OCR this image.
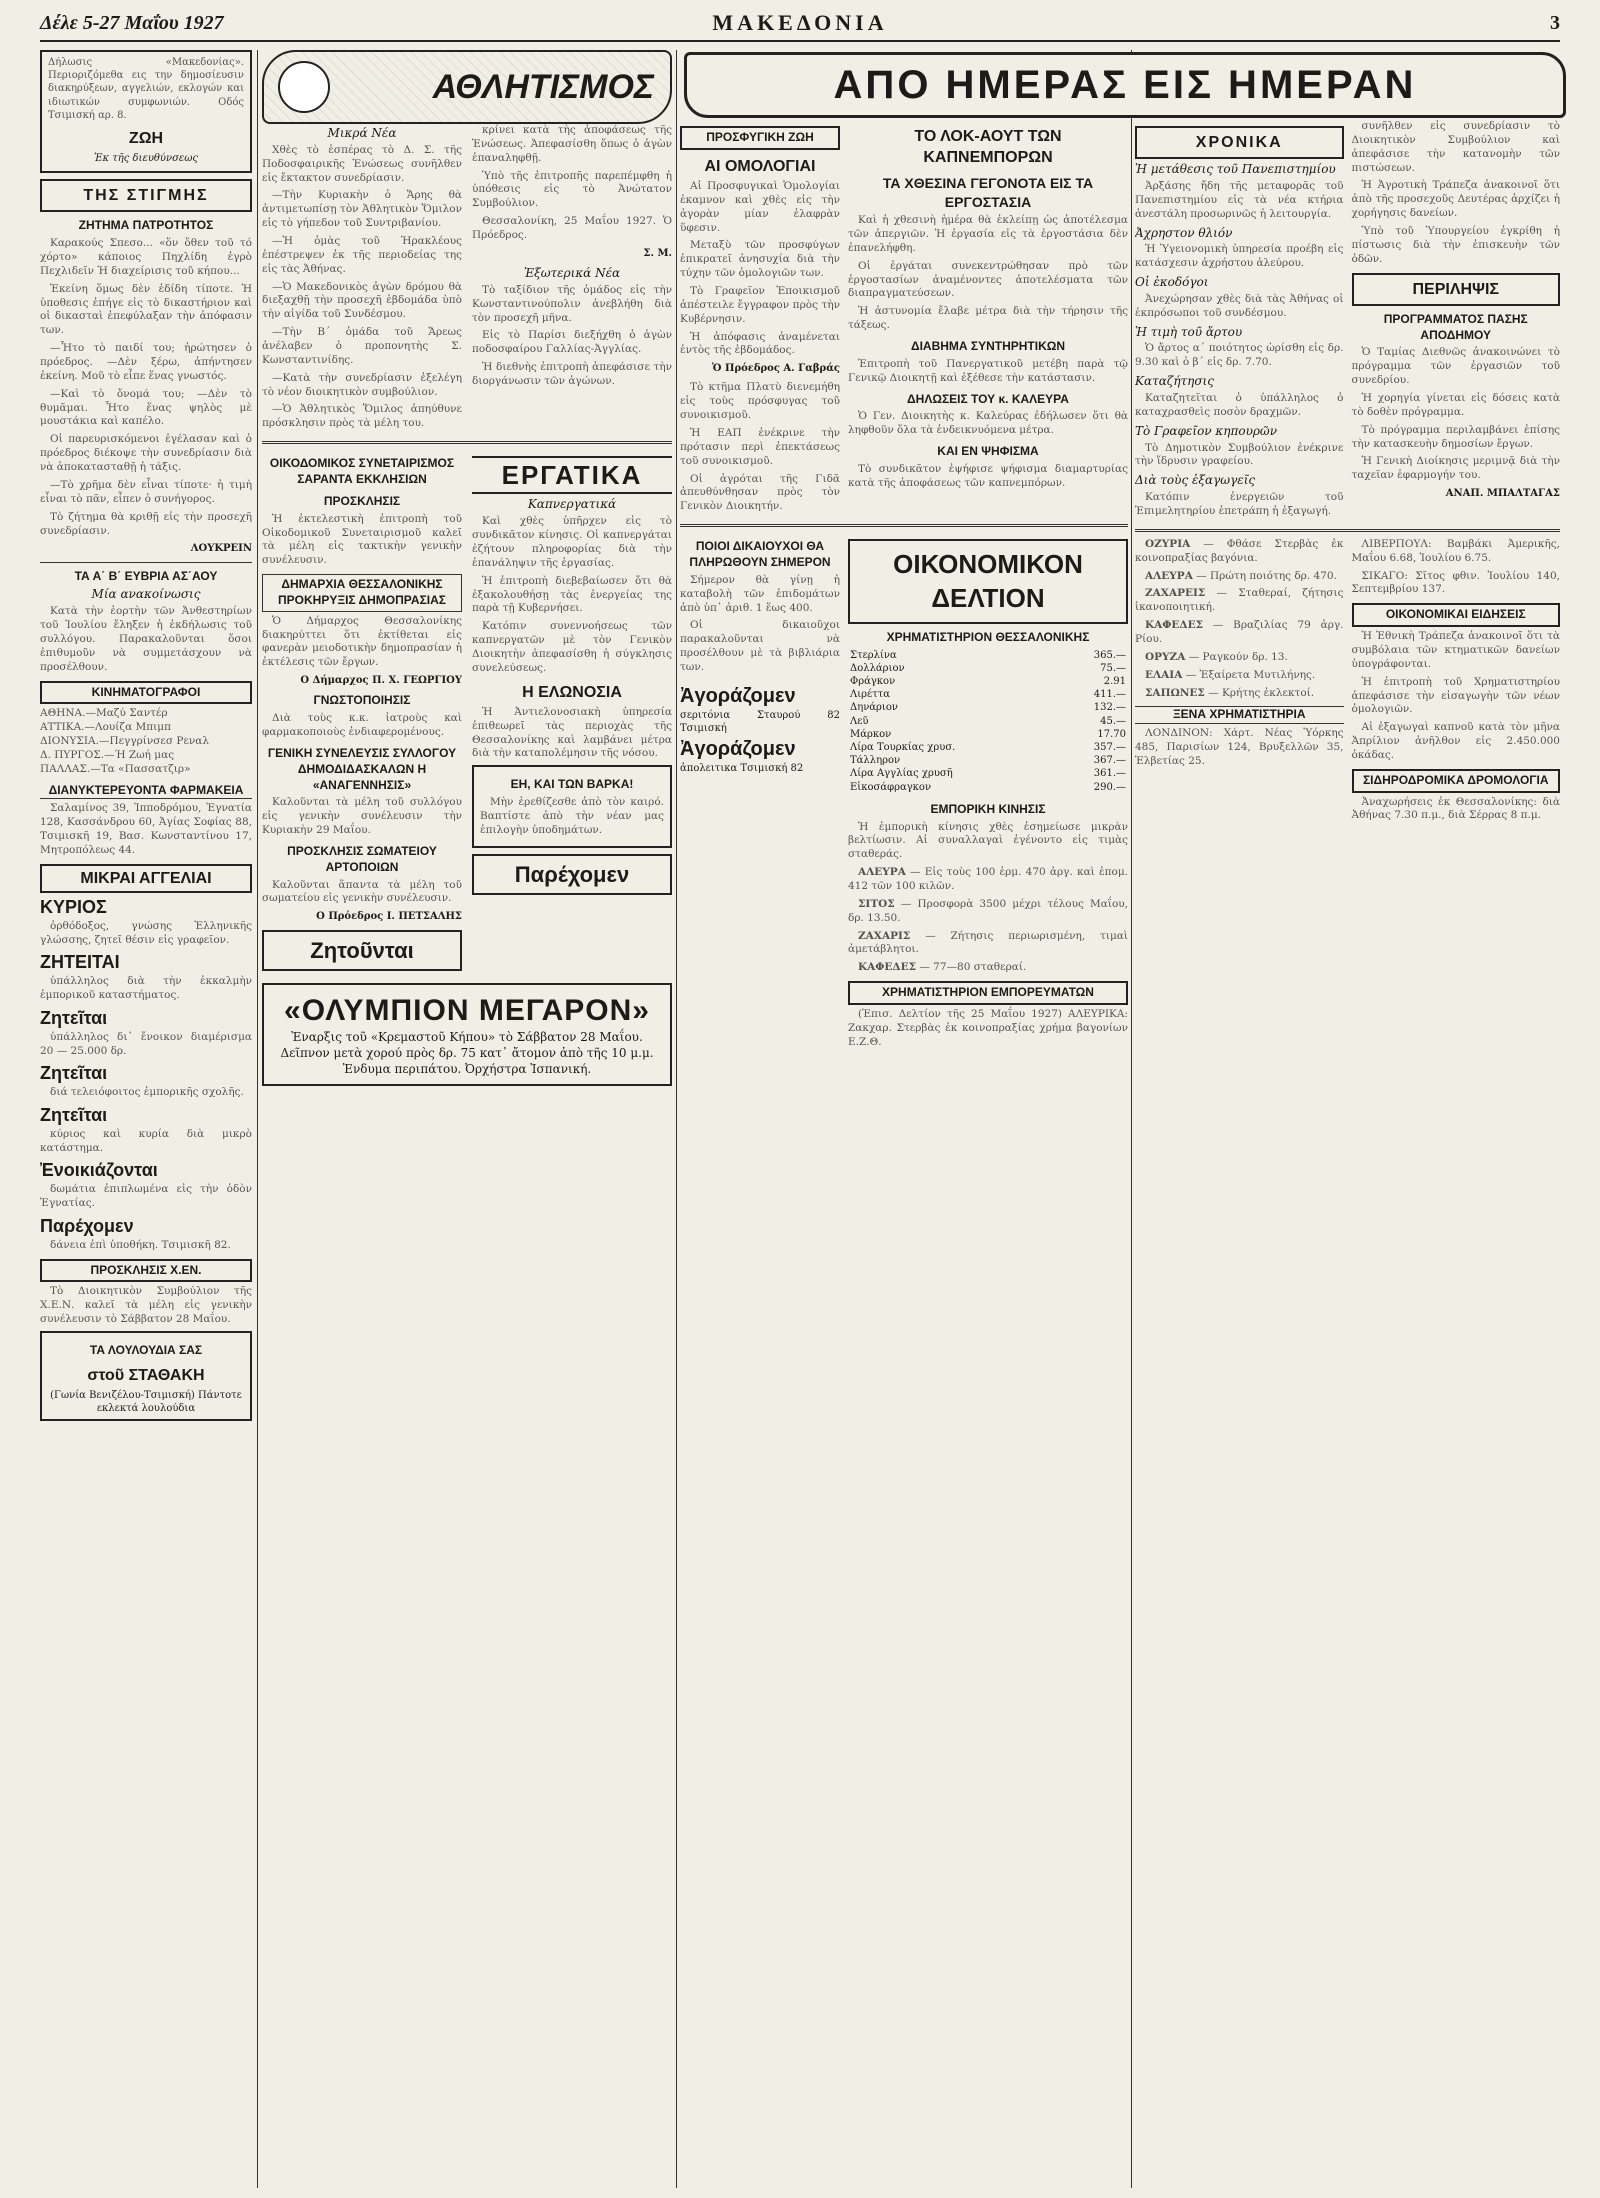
Δέλε 5-27 Μαΐου 1927	ΜΑΚΕΔΟΝΙΑ	3
ΑΠΟ ΗΜΕΡΑΣ ΕΙΣ ΗΜΕΡΑΝ
Δήλωσις «Μακεδονίας». Περιοριζόμεθα εις την δημοσίευσιν διακηρύξεων, αγγελιών, εκλογών και ιδιωτικών συμφωνιών. Οδός Τσιμισκή αρ. 8.
ΖΩΗ
Ἐκ τῆς διευθύνσεως
ΤΗΣ ΣΤΙΓΜΗΣ
ΖΗΤΗΜΑ ΠΑΤΡΟΤΗΤΟΣ

Καρακούς Σπεσο... «ὅν ὅθεν τοῦ τό χόρτο» κάποιος Πηχλίδη ἐγρὸ Πεχλιδεῖν Ἠ διαχείρισις τοῦ κήπου...

Ἐκείνη ὅμως δὲν ἐδίδη τίποτε. Ἡ ὑποθεσις ἐπήγε εἰς τὸ δικαστήριον καὶ οἱ δικασταὶ ἐπεφύλαξαν τὴν ἀπόφασιν των.

—Ἦτο τὸ παιδί του; ἠρώτησεν ὁ πρόεδρος. —Δὲν ξέρω, ἀπήντησεν ἐκείνη. Μοῦ τὸ εἶπε ἕνας γνωστός.

—Καὶ τὸ ὄνομά του; —Δὲν τὸ θυμᾶμαι. Ἦτο ἕνας ψηλὸς μὲ μουστάκια καὶ καπέλο.

Οἱ παρευρισκόμενοι ἐγέλασαν καὶ ὁ πρόεδρος διέκοψε τὴν συνεδρίασιν διὰ νὰ ἀποκατασταθῇ ἡ τάξις.

—Τὸ χρῆμα δὲν εἶναι τίποτε· ἡ τιμὴ εἶναι τὸ πᾶν, εἶπεν ὁ συνήγορος.

Τὸ ζήτημα θὰ κριθῇ εἰς τὴν προσεχῆ συνεδρίασιν.

ΛΟΥΚΡΕΙΝ
ΤΑ Α΄ Β΄ ΕΥΒΡΙΑ ΑΣ΄ΑΟΥ
Μία ανακοίνωσις

Κατὰ τὴν ἑορτὴν τῶν Ἀνθεστηρίων τοῦ Ἰουλίου ἔληξεν ἡ ἐκδήλωσις τοῦ συλλόγου. Παρακαλοῦνται ὅσοι ἐπιθυμοῦν νὰ συμμετάσχουν νὰ προσέλθουν.

ΚΙΝΗΜΑΤΟΓΡΑΦΟΙ
ΑΘΗΝΑ.—Μαζύ Σαντέρ
ΑΤΤΙΚΑ.—Λουίζα Μπιμπ
ΔΙΟΝΥΣΙΑ.—Πεγγρίνσεσ Ρεναλ
Δ. ΠΥΡΓΟΣ.—Ή Ζωή μας
ΠΑΛΛΑΣ.—Τα «Πασσατζιρ»
ΔΙΑΝΥΚΤΕΡΕΥΟΝΤΑ ΦΑΡΜΑΚΕΙΑ

Σαλαμίνος 39, Ἰπποδρόμου, Ἐγνατία 128, Κασσάνδρου 60, Ἀγίας Σοφίας 88, Τσιμισκῆ 19, Βασ. Κωνσταντίνου 17, Μητροπόλεως 44.

ΜΙΚΡΑΙ ΑΓΓΕΛΙΑΙ
ΚΥΡΙΟΣ

ὀρθόδοξος, γνώσης Ἑλληνικῆς γλώσσης, ζητεῖ θέσιν εἰς γραφεῖον.

ΖΗΤΕΙΤΑΙ

ὑπάλληλος διὰ τὴν ἐκκαλμὴν ἐμπορικοῦ καταστήματος.

Ζητεῖται

ὑπάλληλος δι᾽ ἔνοικον διαμέρισμα 20 — 25.000 δρ.

Ζητεῖται

διά τελειόφοιτος ἐμπορικῆς σχολῆς.

Ζητεῖται

κύριος καὶ κυρία διὰ μικρὸ κατάστημα.

Ἐνοικιάζονται

δωμάτια ἐπιπλωμένα εἰς τὴν ὁδὸν Ἐγνατίας.

Παρέχομεν

δάνεια ἐπὶ ὑποθήκη. Τσιμισκῆ 82.

ΠΡΟΣΚΛΗΣΙΣ Χ.ΕΝ.

Τὸ Διοικητικὸν Συμβούλιον τῆς Χ.Ε.Ν. καλεῖ τὰ μέλη εἰς γενικὴν συνέλευσιν τὸ Σάββατον 28 Μαΐου.

ΤΑ ΛΟΥΛΟΥΔΙΑ ΣΑΣ
στοῦ ΣΤΑΘΑΚΗ
(Γωνία Βενιζέλου-Τσιμισκή) Πάντοτε εκλεκτά λουλούδια
ΑΘΛΗΤΙΣΜΟΣ
Μικρά Νέα

Χθὲς τὸ ἑσπέρας τὸ Δ. Σ. τῆς Ποδοσφαιρικῆς Ἑνώσεως συνῆλθεν εἰς ἔκτακτον συνεδρίασιν.

—Τὴν Κυριακὴν ὁ Ἄρης θὰ ἀντιμετωπίσῃ τὸν Ἀθλητικὸν Ὅμιλον εἰς τὸ γήπεδον τοῦ Συντριβανίου.

—Ἡ ὁμὰς τοῦ Ἡρακλέους ἐπέστρεψεν ἐκ τῆς περιοδείας της εἰς τὰς Ἀθήνας.

—Ὁ Μακεδονικὸς ἀγὼν δρόμου θὰ διεξαχθῇ τὴν προσεχῆ ἑβδομάδα ὑπὸ τὴν αἰγίδα τοῦ Συνδέσμου.

—Τὴν Β΄ ὁμάδα τοῦ Ἄρεως ἀνέλαβεν ὁ προπονητὴς Σ. Κωνσταντινίδης.

—Κατὰ τὴν συνεδρίασιν ἐξελέγη τὸ νέον διοικητικὸν συμβούλιον.

—Ὁ Ἀθλητικὸς Ὅμιλος ἀπηύθυνε πρόσκλησιν πρὸς τὰ μέλη του.

κρίνει κατὰ τὴς ἀποφάσεως τῆς Ἑνώσεως. Ἀπεφασίσθη ὅπως ὁ ἀγὼν ἐπαναληφθῇ.

Ὑπὸ τῆς ἐπιτροπῆς παρεπέμφθη ἡ ὑπόθεσις εἰς τὸ Ἀνώτατον Συμβούλιον.

Θεσσαλονίκη, 25 Μαΐου 1927. Ὁ Πρόεδρος.

Σ. Μ.
Ἐξωτερικά Νέα

Τὸ ταξίδιον τῆς ὁμάδος εἰς τὴν Κωνσταντινούπολιν ἀνεβλήθη διὰ τὸν προσεχῆ μῆνα.

Εἰς τὸ Παρίσι διεξήχθη ὁ ἀγὼν ποδοσφαίρου Γαλλίας-Ἀγγλίας.

Ἡ διεθνὴς ἐπιτροπὴ ἀπεφάσισε τὴν διοργάνωσιν τῶν ἀγώνων.

ΟΙΚΟΔΟΜΙΚΟΣ ΣΥΝΕΤΑΙΡΙΣΜΟΣ ΣΑΡΑΝΤΑ ΕΚΚΛΗΣΙΩΝ
ΠΡΟΣΚΛΗΣΙΣ

Ἡ ἐκτελεστικὴ ἐπιτροπὴ τοῦ Οἰκοδομικοῦ Συνεταιρισμοῦ καλεῖ τὰ μέλη εἰς τακτικὴν γενικὴν συνέλευσιν.

ΔΗΜΑΡΧΙΑ ΘΕΣΣΑΛΟΝΙΚΗΣ ΠΡΟΚΗΡΥΞΙΣ ΔΗΜΟΠΡΑΣΙΑΣ

Ὁ Δήμαρχος Θεσσαλονίκης διακηρύττει ὅτι ἐκτίθεται εἰς φανερὰν μειοδοτικὴν δημοπρασίαν ἡ ἐκτέλεσις τῶν ἔργων.

Ο Δήμαρχος Π. Χ. ΓΕΩΡΓΙΟΥ
ΓΝΩΣΤΟΠΟΙΗΣΙΣ

Διὰ τοὺς κ.κ. ἰατροὺς καὶ φαρμακοποιοὺς ἐνδιαφερομένους.

ΓΕΝΙΚΗ ΣΥΝΕΛΕΥΣΙΣ ΣΥΛΛΟΓΟΥ ΔΗΜΟΔΙΔΑΣΚΑΛΩΝ Η «ΑΝΑΓΕΝΝΗΣΙΣ»

Καλοῦνται τὰ μέλη τοῦ συλλόγου εἰς γενικὴν συνέλευσιν τὴν Κυριακὴν 29 Μαΐου.

ΠΡΟΣΚΛΗΣΙΣ ΣΩΜΑΤΕΙΟΥ ΑΡΤΟΠΟΙΩΝ

Καλοῦνται ἅπαντα τὰ μέλη τοῦ σωματείου εἰς γενικὴν συνέλευσιν.

Ο Πρόεδρος Ι. ΠΕΤΣΑΛΗΣ
Ζητοῦνται
ΕΡΓΑΤΙΚΑ
Καπνεργατικά

Καὶ χθὲς ὑπῆρχεν εἰς τὸ συνδικᾶτον κίνησις. Οἱ καπνεργάται ἐζήτουν πληροφορίας διὰ τὴν ἐπανάληψιν τῆς ἐργασίας.

Ἡ ἐπιτροπὴ διεβεβαίωσεν ὅτι θὰ ἐξακολουθήσῃ τὰς ἐνεργείας της παρὰ τῇ Κυβερνήσει.

Κατόπιν συνεννοήσεως τῶν καπνεργατῶν μὲ τὸν Γενικὸν Διοικητὴν ἀπεφασίσθη ἡ σύγκλησις συνελεύσεως.

Η ΕΛΩΝΟΣΙΑ

Ἡ Ἀντιελονοσιακὴ ὑπηρεσία ἐπιθεωρεῖ τὰς περιοχὰς τῆς Θεσσαλονίκης καὶ λαμβάνει μέτρα διὰ τὴν καταπολέμησιν τῆς νόσου.

ΕΗ, ΚΑΙ ΤΩΝ ΒΑΡΚΑ!

Μὴν ἐρεθίζεσθε ἀπὸ τὸν καιρό. Βαπτίστε ἀπὸ τὴν νέαν μας ἐπιλογὴν ὑποδημάτων.

Παρέχομεν
«ΟΛΥΜΠΙΟΝ ΜΕΓΑΡΟΝ»
Ἐναρξις τοῦ «Κρεμαστοῦ Κήπου» τὸ Σάββατον 28 Μαΐου. Δεῖπνον μετὰ χορού πρὸς δρ. 75 κατ᾽ ἄτομον ἀπὸ τῆς 10 μ.μ. Ἐνδυμα περιπάτου. Ὀρχήστρα Ἰσπανική.
ΠΡΟΣΦΥΓΙΚΗ ΖΩΗ
ΑΙ ΟΜΟΛΟΓΙΑΙ

Αἱ Προσφυγικαὶ Ὁμολογίαι ἐκαμνον καὶ χθὲς εἰς τὴν ἀγορὰν μίαν ἐλαφρὰν ὕφεσιν.

Μεταξὺ τῶν προσφύγων ἐπικρατεῖ ἀνησυχία διὰ τὴν τύχην τῶν ὁμολογιῶν των.

Τὸ Γραφεῖον Ἐποικισμοῦ ἀπέστειλε ἔγγραφον πρὸς τὴν Κυβέρνησιν.

Ἡ ἀπόφασις ἀναμένεται ἐντὸς τῆς ἑβδομάδος.

Ὁ Πρόεδρος Α. Γαβράς

Τὸ κτῆμα Πλατὺ διενεμήθη εἰς τοὺς πρόσφυγας τοῦ συνοικισμοῦ.

Ἡ ΕΑΠ ἐνέκρινε τὴν πρότασιν περὶ ἐπεκτάσεως τοῦ συνοικισμοῦ.

Οἱ ἀγρόται τῆς Γιδᾶ ἀπευθύνθησαν πρὸς τὸν Γενικὸν Διοικητήν.

ΤΟ ΛΟΚ-ΑΟΥΤ ΤΩΝ ΚΑΠΝΕΜΠΟΡΩΝ
ΤΑ ΧΘΕΣΙΝΑ ΓΕΓΟΝΟΤΑ ΕΙΣ ΤΑ ΕΡΓΟΣΤΑΣΙΑ

Καὶ ἡ χθεσινὴ ἡμέρα θὰ ἐκλείπῃ ὡς ἀποτέλεσμα τῶν ἀπεργιῶν. Ἡ ἐργασία εἰς τὰ ἐργοστάσια δὲν ἐπανελήφθη.

Οἱ ἐργάται συνεκεντρώθησαν πρὸ τῶν ἐργοστασίων ἀναμένοντες ἀποτελέσματα τῶν διαπραγματεύσεων.

Ἡ ἀστυνομία ἔλαβε μέτρα διὰ τὴν τήρησιν τῆς τάξεως.

ΔΙΑΒΗΜΑ ΣΥΝΤΗΡΗΤΙΚΩΝ

Ἐπιτροπὴ τοῦ Πανεργατικοῦ μετέβη παρὰ τῷ Γενικῷ Διοικητῇ καὶ ἐξέθεσε τὴν κατάστασιν.

ΔΗΛΩΣΕΙΣ ΤΟΥ κ. ΚΑΛΕΥΡΑ

Ὁ Γεν. Διοικητὴς κ. Καλεύρας ἐδήλωσεν ὅτι θὰ ληφθοῦν ὅλα τὰ ἐνδεικνυόμενα μέτρα.

ΚΑΙ ΕΝ ΨΗΦΙΣΜΑ

Τὸ συνδικᾶτον ἐψήφισε ψήφισμα διαμαρτυρίας κατὰ τῆς ἀποφάσεως τῶν καπνεμπόρων.

ΠΟΙΟΙ ΔΙΚΑΙΟΥΧΟΙ ΘΑ ΠΛΗΡΩΘΟΥΝ ΣΗΜΕΡΟΝ

Σήμερον θὰ γίνῃ ἡ καταβολὴ τῶν ἐπιδομάτων ἀπὸ ὑπ᾽ ἀριθ. 1 ἕως 400.

Οἱ δικαιοῦχοι παρακαλοῦνται νὰ προσέλθουν μὲ τὰ βιβλιάρια των.

Ἀγοράζομεν
σεριτόνια Σταυρού 82 Τσιμισκή
Ἀγοράζομεν
ἀπολειτικα Τσιμισκή 82
ΟΙΚΟΝΟΜΙΚΟΝ ΔΕΛΤΙΟΝ
ΧΡΗΜΑΤΙΣΤΗΡΙΟΝ ΘΕΣΣΑΛΟΝΙΚΗΣ
Στερλίνα	365.—
Δολλάριον	75.—
Φράγκον	2.91
Λιρέττα	411.—
Δηνάριον	132.—
Λεῦ	45.—
Μάρκον	17.70
Λίρα Τουρκίας χρυσ.	357.—
Τάλληρον	367.—
Λίρα Αγγλίας χρυσῆ	361.—
Εἰκοσάφραγκον	290.—
ΕΜΠΟΡΙΚΗ ΚΙΝΗΣΙΣ

Ἡ ἐμπορικὴ κίνησις χθὲς ἐσημείωσε μικρὰν βελτίωσιν. Αἱ συναλλαγαὶ ἐγένοντο εἰς τιμὰς σταθεράς.

ΑΛΕΥΡΑ — Εἰς τοὺς 100 ἑρμ. 470 ἀργ. καὶ ἑπομ. 412 τῶν 100 κιλῶν.

ΣΙΤΟΣ — Προσφορὰ 3500 μέχρι τέλους Μαΐου, δρ. 13.50.

ΖΑΧΑΡΙΣ — Ζήτησις περιωρισμένη, τιμαὶ ἀμετάβλητοι.

ΚΑΦΕΔΕΣ — 77—80 σταθεραί.

ΧΡΗΜΑΤΙΣΤΗΡΙΟΝ ΕΜΠΟΡΕΥΜΑΤΩΝ

(Ἐπισ. Δελτίον τῆς 25 Μαΐου 1927) ΑΛΕΥΡΙΚΑ: Ζακχαρ. Στερβὰς ἐκ κοινοπραξίας χρήμα βαγονίων Ε.Ζ.Θ.

ΧΡΟΝΙΚΑ
Ἡ μετάθεσις τοῦ Πανεπιστημίου

Ἀρξάσης ἤδη τῆς μεταφορᾶς τοῦ Πανεπιστημίου εἰς τὰ νέα κτήρια ἀνεστάλη προσωρινῶς ἡ λειτουργία.

Ἀχρηστον θλιόν

Ἡ Ὑγειονομικὴ ὑπηρεσία προέβη εἰς κατάσχεσιν ἀχρήστου ἀλεύρου.

Οἱ ἐκοδόγοι

Ἀνεχώρησαν χθὲς διὰ τὰς Ἀθήνας οἱ ἐκπρόσωποι τοῦ συνδέσμου.

Ἡ τιμὴ τοῦ ἄρτου

Ὁ ἄρτος α΄ ποιότητος ὡρίσθη εἰς δρ. 9.30 καὶ ὁ β΄ εἰς δρ. 7.70.

Καταζήτησις

Καταζητεῖται ὁ ὑπάλληλος ὁ καταχρασθεὶς ποσὸν δραχμῶν.

Τὸ Γραφεῖον κηπουρῶν

Τὸ Δημοτικὸν Συμβούλιον ἐνέκρινε τὴν ἵδρυσιν γραφείου.

Διὰ τοὺς ἐξαγωγεῖς

Κατόπιν ἐνεργειῶν τοῦ Ἐπιμελητηρίου ἐπετράπη ἡ ἐξαγωγή.

συνῆλθεν εἰς συνεδρίασιν τὸ Διοικητικὸν Συμβούλιον καὶ ἀπεφάσισε τὴν κατανομὴν τῶν πιστώσεων.

Ἡ Ἀγροτικὴ Τράπεζα ἀνακοινοῖ ὅτι ἀπὸ τῆς προσεχοῦς Δευτέρας ἀρχίζει ἡ χορήγησις δανείων.

Ὑπὸ τοῦ Ὑπουργείου ἐγκρίθη ἡ πίστωσις διὰ τὴν ἐπισκευὴν τῶν ὁδῶν.

ΠΕΡΙΛΗΨΙΣ
ΠΡΟΓΡΑΜΜΑΤΟΣ ΠΑΣΗΣ ΑΠΟΔΗΜΟΥ

Ὁ Ταμίας Διεθνῶς ἀνακοινώνει τὸ πρόγραμμα τῶν ἐργασιῶν τοῦ συνεδρίου.

Ἡ χορηγία γίνεται εἰς δόσεις κατὰ τὸ δοθὲν πρόγραμμα.

Τὸ πρόγραμμα περιλαμβάνει ἐπίσης τὴν κατασκευὴν δημοσίων ἔργων.

Ἡ Γενικὴ Διοίκησις μεριμνᾷ διὰ τὴν ταχεῖαν ἐφαρμογήν του.

ΑΝΑΠ. ΜΠΑΛΤΑΓΑΣ

ΟΖΥΡΙΑ — Φθάσε Στερβὰς ἐκ κοινοπραξίας βαγόνια.

ΑΛΕΥΡΑ — Πρώτη ποιότης δρ. 470.

ΖΑΧΑΡΕΙΣ — Σταθεραί, ζήτησις ἱκανοποιητική.

ΚΑΦΕΔΕΣ — Βραζιλίας 79 ἀργ. Ρίου.

ΟΡΥΖΑ — Ραγκούν δρ. 13.

ΕΛΑΙΑ — Ἐξαίρετα Μυτιλήνης.

ΣΑΠΩΝΕΣ — Κρήτης ἐκλεκτοί.

ΞΕΝΑ ΧΡΗΜΑΤΙΣΤΗΡΙΑ

ΛΟΝΔΙΝΟΝ: Χάρτ. Νέας Ὑόρκης 485, Παρισίων 124, Βρυξελλῶν 35, Ἑλβετίας 25.

ΛΙΒΕΡΠΟΥΛ: Βαμβάκι Ἀμερικῆς, Μαΐου 6.68, Ἰουλίου 6.75.

ΣΙΚΑΓΟ: Σῖτος φθιν. Ἰουλίου 140, Σεπτεμβρίου 137.

ΟΙΚΟΝΟΜΙΚΑΙ ΕΙΔΗΣΕΙΣ

Ἡ Ἐθνικὴ Τράπεζα ἀνακοινοῖ ὅτι τὰ συμβόλαια τῶν κτηματικῶν δανείων ὑπογράφονται.

Ἡ ἐπιτροπὴ τοῦ Χρηματιστηρίου ἀπεφάσισε τὴν εἰσαγωγὴν τῶν νέων ὁμολογιῶν.

Αἱ ἐξαγωγαὶ καπνοῦ κατὰ τὸν μῆνα Ἀπρίλιον ἀνῆλθον εἰς 2.450.000 ὀκάδας.

ΣΙΔΗΡΟΔΡΟΜΙΚΑ ΔΡΟΜΟΛΟΓΙΑ

Ἀναχωρήσεις ἐκ Θεσσαλονίκης: διὰ Ἀθήνας 7.30 π.μ., διὰ Σέρρας 8 π.μ.
